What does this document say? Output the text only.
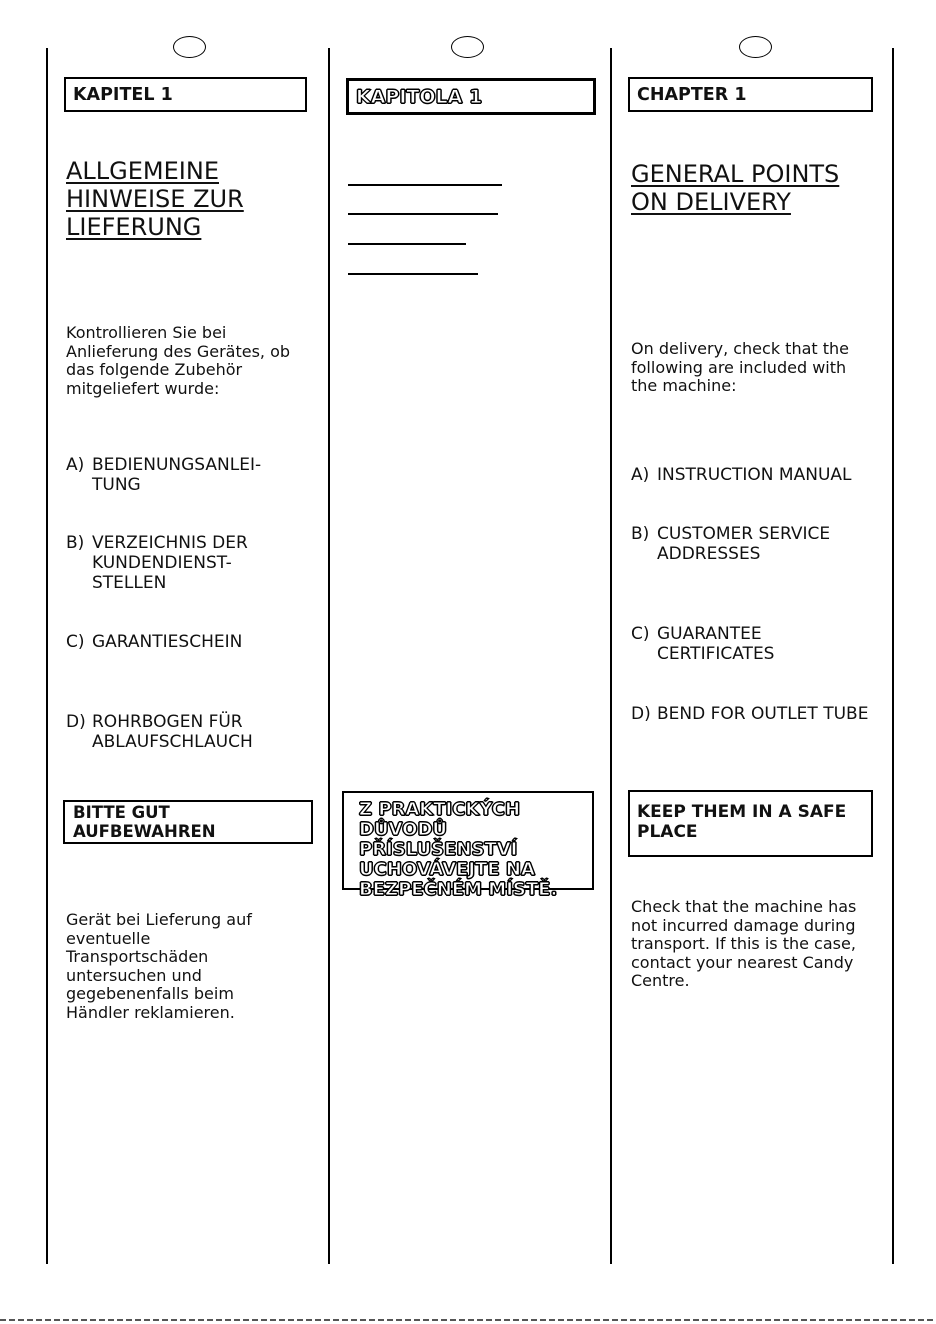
KAPITEL 1
ALLGEMEINE
HINWEISE ZUR
LIEFERUNG
Kontrollieren Sie bei
Anlieferung des Gerätes, ob
das folgende Zubehör
mitgeliefert wurde:
A) BEDIENUNGSANLEI-
TUNG
B) VERZEICHNIS DER
KUNDENDIENST-
STELLEN
C) GARANTIESCHEIN
D) ROHRBOGEN FÜR
ABLAUFSCHLAUCH
BITTE GUT AUFBEWAHREN
Gerät bei Lieferung auf
eventuelle
Transportschäden
untersuchen und
gegebenenfalls beim
Händler reklamieren.
KAPITOLA 1
Z PRAKTICKÝCH
DŮVODŮ PŘÍSLUŠENSTVÍ
UCHOVÁVEJTE NA
BEZPEČNÉM MÍSTĚ.
CHAPTER 1
GENERAL POINTS
ON DELIVERY
On delivery, check that the
following are included with
the machine:
A) INSTRUCTION MANUAL
B) CUSTOMER SERVICE
ADDRESSES
C) GUARANTEE
CERTIFICATES
D) BEND FOR OUTLET TUBE
KEEP THEM IN A SAFE
PLACE
Check that the machine has
not incurred damage during
transport. If this is the case,
contact your nearest Candy
Centre.
